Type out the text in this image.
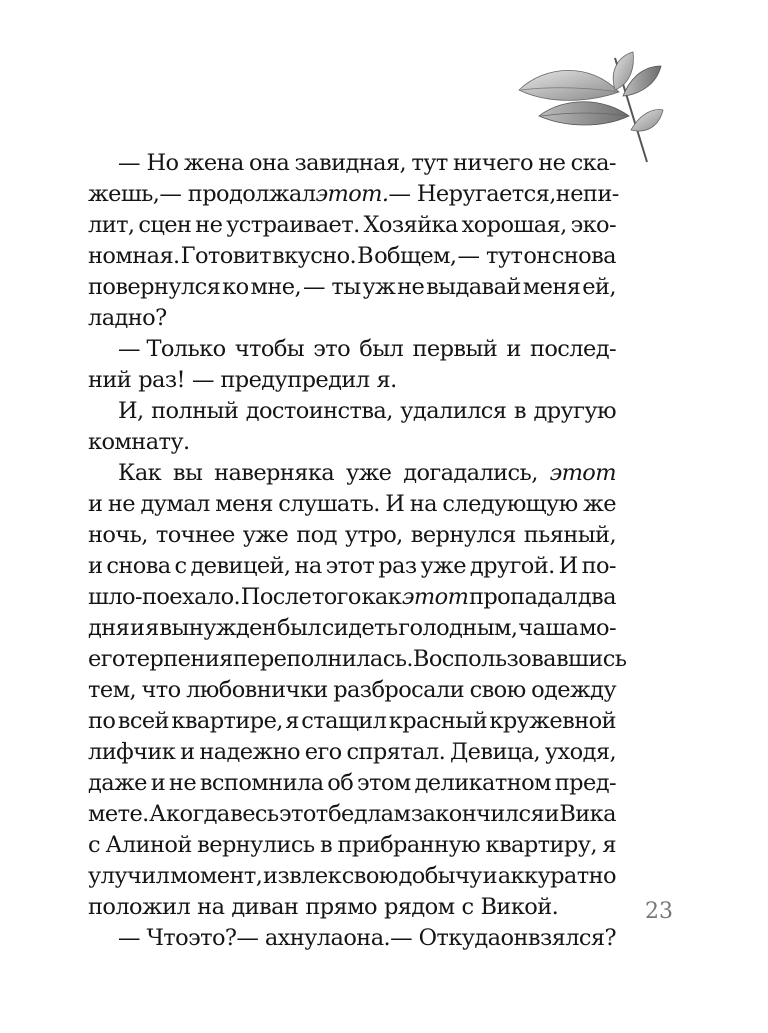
— Но жена она завидная, тут ничего не ска-
жешь, — продолжал этот. — Не ругается, не пи-
лит, сцен не устраивает. Хозяйка хорошая, эко-
номная. Готовит вкусно. В общем, — тут он снова
повернулся ко мне, — ты уж не выдавай меня ей,
ладно?
— Только чтобы это был первый и послед-
ний раз! — предупредил я.
И, полный достоинства, удалился в другую
комнату.
Как вы наверняка уже догадались, этот
и не думал меня слушать. И на следующую же
ночь, точнее уже под утро, вернулся пьяный,
и снова с девицей, на этот раз уже другой. И по-
шло-поехало. После того как этот пропадал два
дня и я вынужден был сидеть голодным, чаша мо-
его терпения переполнилась. Воспользовавшись
тем, что любовнички разбросали свою одежду
по всей квартире, я стащил красный кружевной
лифчик и надежно его спрятал. Девица, уходя,
даже и не вспомнила об этом деликатном пред-
мете. А когда весь этот бедлам закончился и Вика
с Алиной вернулись в прибранную квартиру, я
улучил момент, извлек свою добычу и аккуратно
положил на диван прямо рядом с Викой.
— Что это? — ахнула она. — Откуда он взялся?
23
